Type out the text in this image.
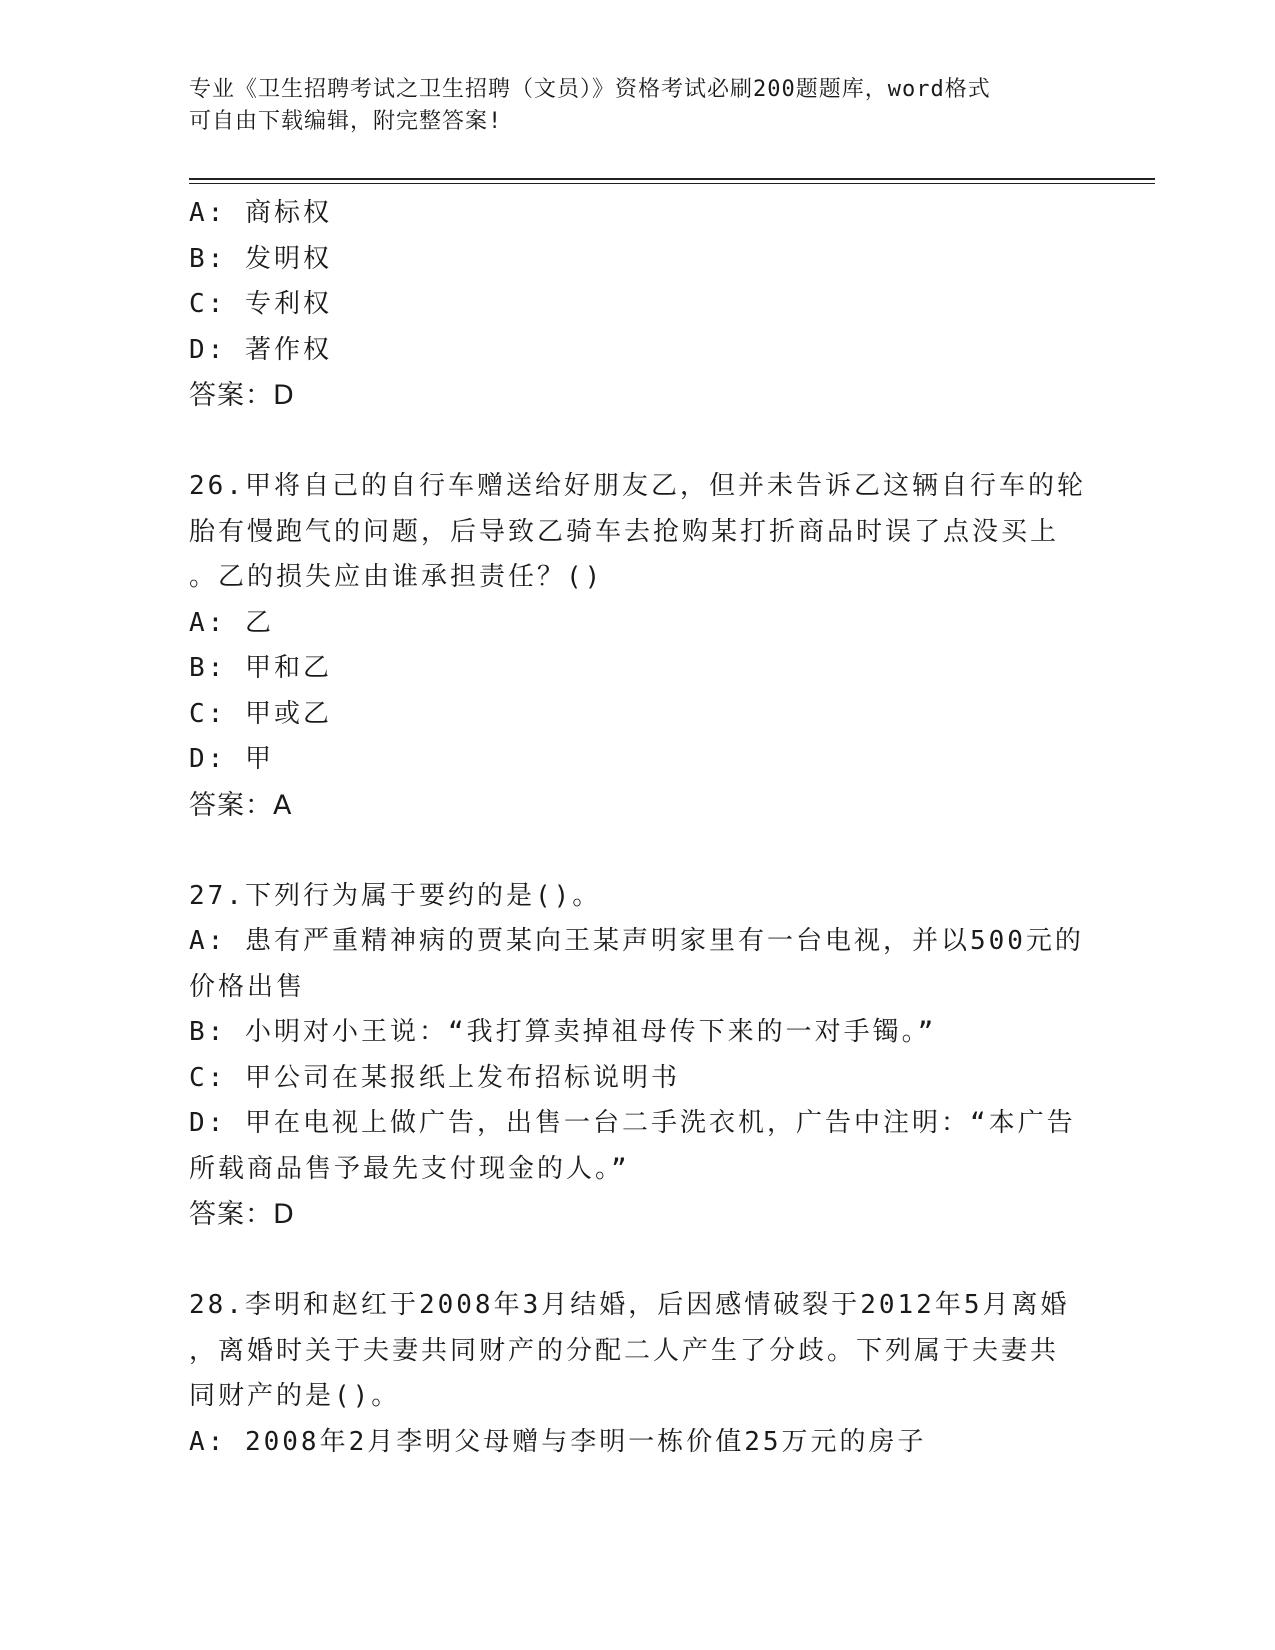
专业《卫生招聘考试之卫生招聘（文员）》资格考试必刷200题题库，word格式
可自由下载编辑，附完整答案!
A: 商标权
B: 发明权
C: 专利权
D: 著作权
答案：D
26.甲将自己的自行车赠送给好朋友乙，但并未告诉乙这辆自行车的轮
胎有慢跑气的问题，后导致乙骑车去抢购某打折商品时误了点没买上
。乙的损失应由谁承担责任？()
A: 乙
B: 甲和乙
C: 甲或乙
D: 甲
答案：A
27.下列行为属于要约的是()。
A: 患有严重精神病的贾某向王某声明家里有一台电视，并以500元的
价格出售
B: 小明对小王说：“我打算卖掉祖母传下来的一对手镯。”
C: 甲公司在某报纸上发布招标说明书
D: 甲在电视上做广告，出售一台二手洗衣机，广告中注明：“本广告
所载商品售予最先支付现金的人。”
答案：D
28.李明和赵红于2008年3月结婚，后因感情破裂于2012年5月离婚
，离婚时关于夫妻共同财产的分配二人产生了分歧。下列属于夫妻共
同财产的是()。
A: 2008年2月李明父母赠与李明一栋价值25万元的房子
